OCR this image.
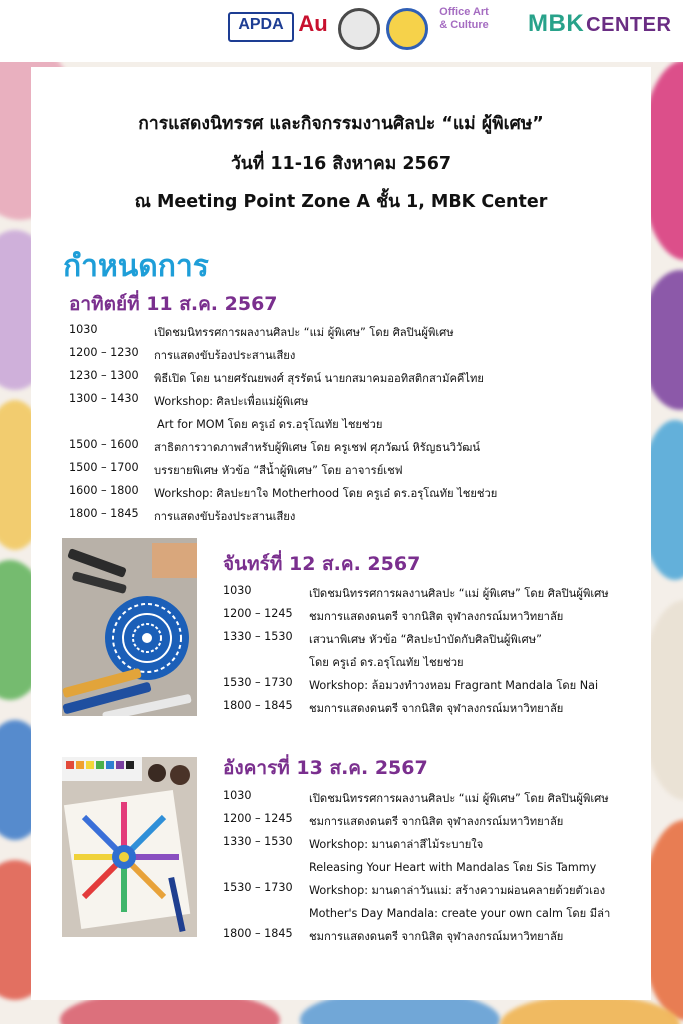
APDA Au	Office Art & Culture MBK CENTER
การแสดงนิทรรศ และกิจกรรมงานศิลปะ “แม่ ผู้พิเศษ”
วันที่ 11-16 สิงหาคม 2567
ณ Meeting Point Zone A ชั้น 1, MBK Center
กำหนดการ
อาทิตย์ที่ 11 ส.ค. 2567
1030	เปิดชมนิทรรศการผลงานศิลปะ “แม่ ผู้พิเศษ” โดย ศิลปินผู้พิเศษ
1200 – 1230 การแสดงขับร้องประสานเสียง
1230 – 1300 พิธีเปิด โดย นายศรัณยพงศ์ สุรรัตน์ นายกสมาคมออทิสติกสามัคคีไทย
1300 – 1430 Workshop: ศิลปะเพื่อแม่ผู้พิเศษ
Art for MOM โดย ครูเอ๋ ดร.อรุโณทัย ไชยช่วย
1500 – 1600 สาธิตการวาดภาพสำหรับผู้พิเศษ โดย ครูเชฟ ศุภวัฒน์ หิรัญธนวิวัฒน์
1500 – 1700 บรรยายพิเศษ หัวข้อ “สีน้ำผู้พิเศษ” โดย อาจารย์เชฟ
1600 – 1800 Workshop: ศิลปะยาใจ Motherhood โดย ครูเอ๋ ดร.อรุโณทัย ไชยช่วย
1800 – 1845 การแสดงขับร้องประสานเสียง
จันทร์ที่ 12 ส.ค. 2567
1030	เปิดชมนิทรรศการผลงานศิลปะ “แม่ ผู้พิเศษ” โดย ศิลปินผู้พิเศษ
1200 – 1245 ชมการแสดงดนตรี จากนิสิต จุฬาลงกรณ์มหาวิทยาลัย
1330 – 1530 เสวนาพิเศษ หัวข้อ “ศิลปะบำบัดกับศิลปินผู้พิเศษ”
โดย ครูเอ๋ ดร.อรุโณทัย ไชยช่วย
1530 – 1730 Workshop: ล้อมวงทำวงหอม Fragrant Mandala โดย Nai
1800 – 1845 ชมการแสดงดนตรี จากนิสิต จุฬาลงกรณ์มหาวิทยาลัย
อังคารที่ 13 ส.ค. 2567
1030	เปิดชมนิทรรศการผลงานศิลปะ “แม่ ผู้พิเศษ” โดย ศิลปินผู้พิเศษ
1200 – 1245 ชมการแสดงดนตรี จากนิสิต จุฬาลงกรณ์มหาวิทยาลัย
1330 – 1530 Workshop: มานดาล่าสีไม้ระบายใจ
Releasing Your Heart with Mandalas โดย Sis Tammy
1530 – 1730 Workshop: มานดาล่าวันแม่: สร้างความผ่อนคลายด้วยตัวเอง
Mother's Day Mandala: create your own calm โดย มีล่า
1800 – 1845 ชมการแสดงดนตรี จากนิสิต จุฬาลงกรณ์มหาวิทยาลัย
